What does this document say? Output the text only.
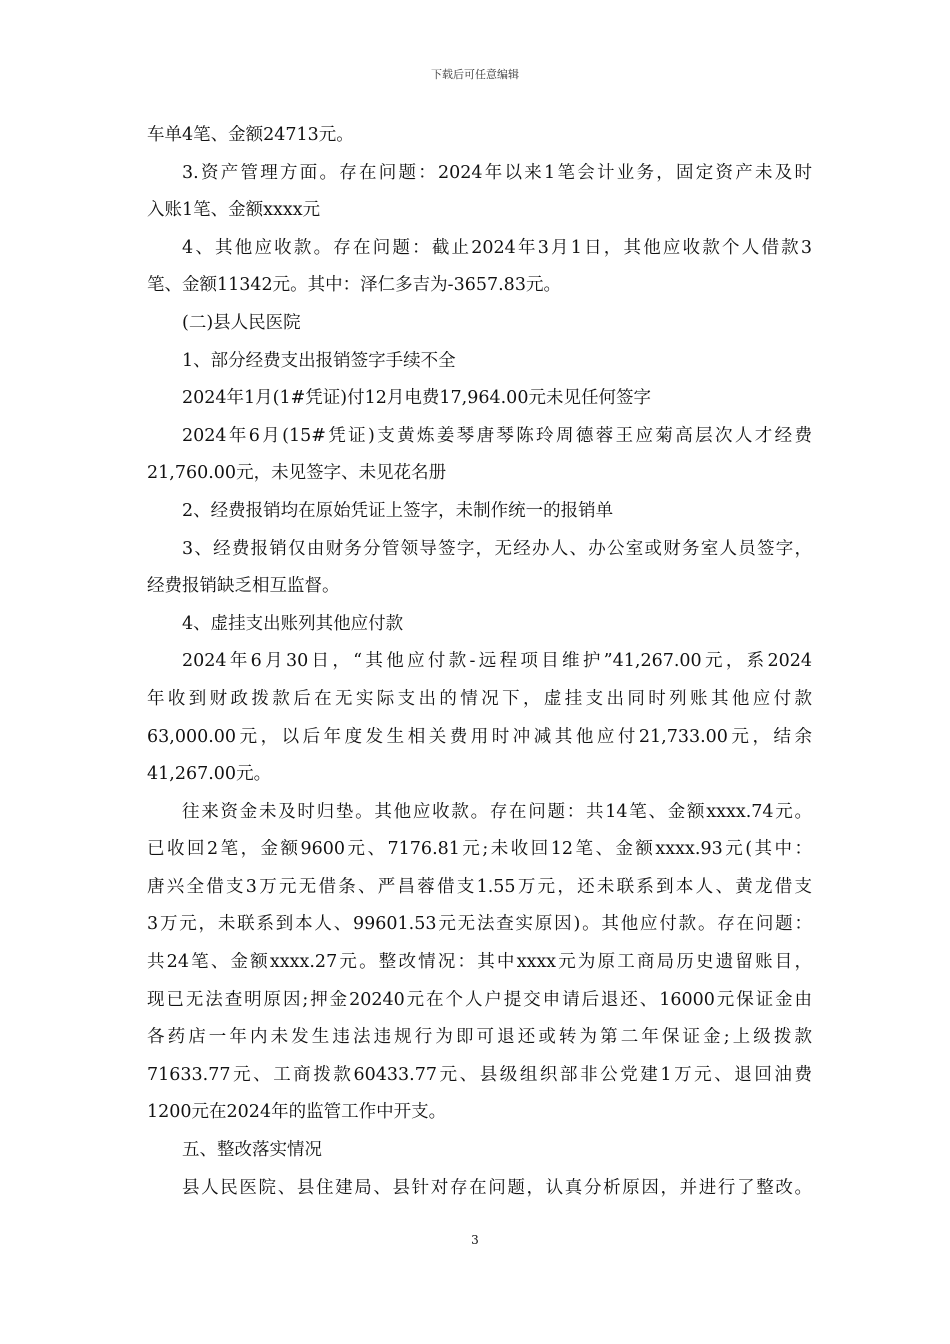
下载后可任意编辑
车单4笔、金额24713元。
3.资产管理方面。存在问题：2024年以来1笔会计业务，固定资产未及时
入账1笔、金额xxxx元
4、其他应收款。存在问题：截止2024年3月1日，其他应收款个人借款3
笔、金额11342元。其中：泽仁多吉为-3657.83元。
(二)县人民医院
1、部分经费支出报销签字手续不全
2024年1月(1#凭证)付12月电费17,964.00元未见任何签字
2024年6月(15#凭证)支黄炼姜琴唐琴陈玲周德蓉王应菊高层次人才经费
21,760.00元，未见签字、未见花名册
2、经费报销均在原始凭证上签字，未制作统一的报销单
3、经费报销仅由财务分管领导签字，无经办人、办公室或财务室人员签字，
经费报销缺乏相互监督。
4、虚挂支出账列其他应付款
2024年6月30日，“其他应付款-远程项目维护”41,267.00元，系2024
年收到财政拨款后在无实际支出的情况下，虚挂支出同时列账其他应付款
63,000.00元，以后年度发生相关费用时冲减其他应付21,733.00元，结余
41,267.00元。
往来资金未及时归垫。其他应收款。存在问题：共14笔、金额xxxx.74元。
已收回2笔，金额9600元、7176.81元;未收回12笔、金额xxxx.93元(其中：
唐兴全借支3万元无借条、严昌蓉借支1.55万元，还未联系到本人、黄龙借支
3万元，未联系到本人、99601.53元无法查实原因)。其他应付款。存在问题：
共24笔、金额xxxx.27元。整改情况：其中xxxx元为原工商局历史遗留账目，
现已无法查明原因;押金20240元在个人户提交申请后退还、16000元保证金由
各药店一年内未发生违法违规行为即可退还或转为第二年保证金;上级拨款
71633.77元、工商拨款60433.77元、县级组织部非公党建1万元、退回油费
1200元在2024年的监管工作中开支。
五、整改落实情况
县人民医院、县住建局、县针对存在问题，认真分析原因，并进行了整改。
3
